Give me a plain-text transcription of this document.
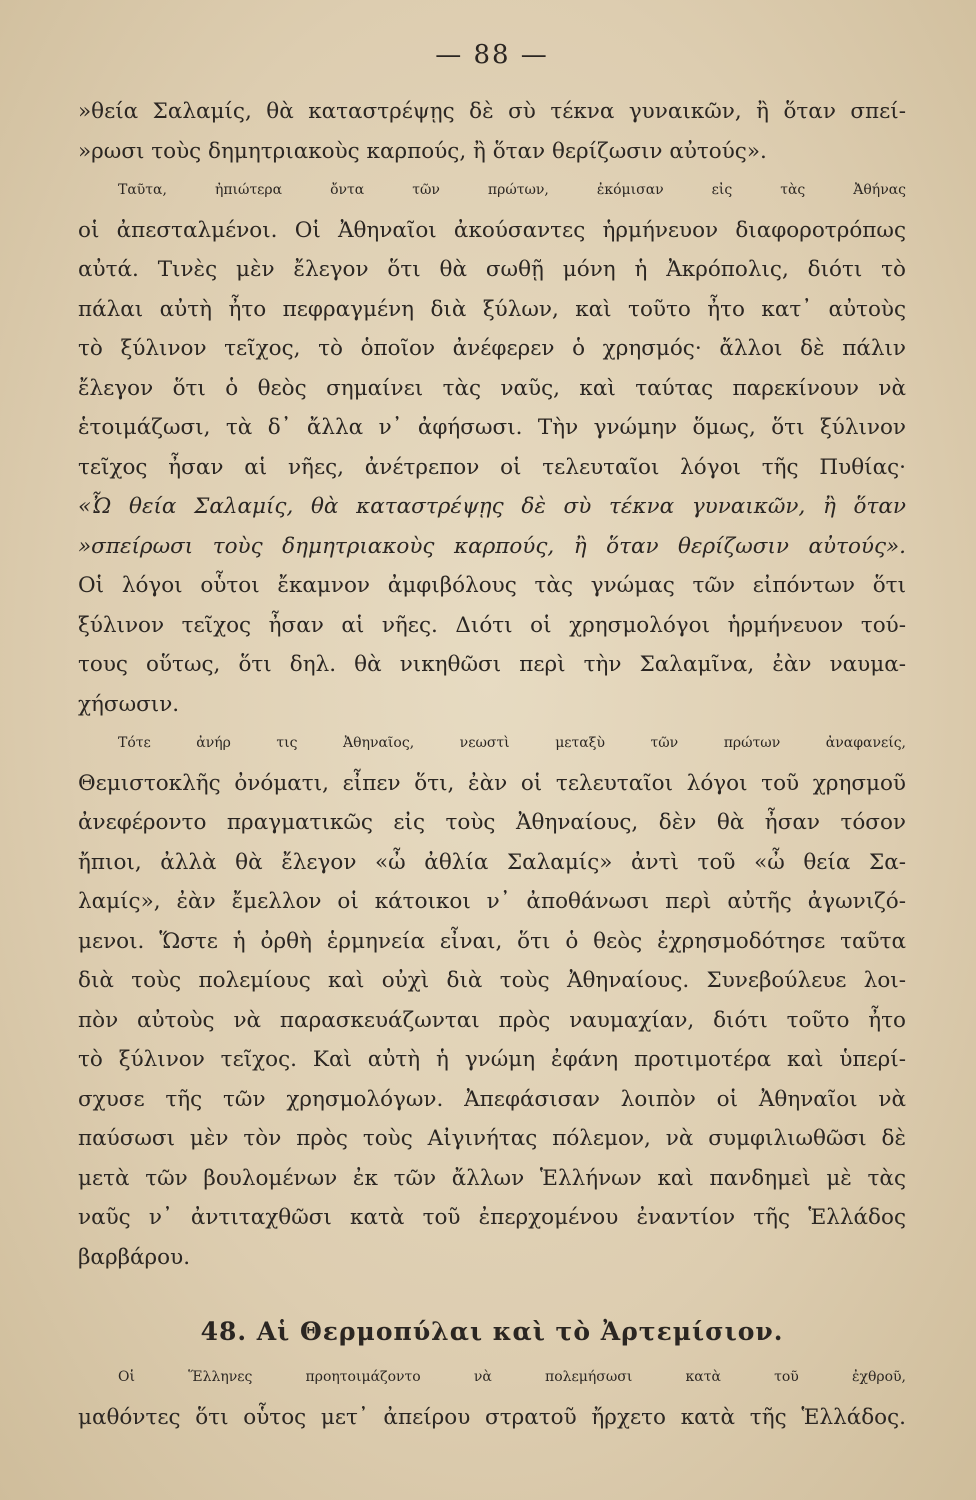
— 88 —
»θεία Σαλαμίς, θὰ καταστρέψῃς δὲ σὺ τέκνα γυναικῶν, ἢ ὅταν σπεί-
»ρωσι τοὺς δημητριακοὺς καρπούς, ἢ ὅταν θερίζωσιν αὐτούς».
Ταῦτα, ἠπιώτερα ὄντα τῶν πρώτων, ἐκόμισαν εἰς τὰς Ἀθήνας
οἱ ἀπεσταλμένοι. Οἱ Ἀθηναῖοι ἀκούσαντες ἡρμήνευον διαφοροτρόπως
αὐτά. Τινὲς μὲν ἔλεγον ὅτι θὰ σωθῇ μόνη ἡ Ἀκρόπολις, διότι τὸ
πάλαι αὐτὴ ἦτο πεφραγμένη διὰ ξύλων, καὶ τοῦτο ἦτο κατ᾽ αὐτοὺς
τὸ ξύλινον τεῖχος, τὸ ὁποῖον ἀνέφερεν ὁ χρησμός· ἄλλοι δὲ πάλιν
ἔλεγον ὅτι ὁ θεὸς σημαίνει τὰς ναῦς, καὶ ταύτας παρεκίνουν νὰ
ἑτοιμάζωσι, τὰ δ᾽ ἄλλα ν᾽ ἀφήσωσι. Τὴν γνώμην ὅμως, ὅτι ξύλινον
τεῖχος ἦσαν αἱ νῆες, ἀνέτρεπον οἱ τελευταῖοι λόγοι τῆς Πυθίας·
«Ὦ θεία Σαλαμίς, θὰ καταστρέψῃς δὲ σὺ τέκνα γυναικῶν, ἢ ὅταν
»σπείρωσι τοὺς δημητριακοὺς καρπούς, ἢ ὅταν θερίζωσιν αὐτούς».
Οἱ λόγοι οὗτοι ἔκαμνον ἀμφιβόλους τὰς γνώμας τῶν εἰπόντων ὅτι
ξύλινον τεῖχος ἦσαν αἱ νῆες. Διότι οἱ χρησμολόγοι ἡρμήνευον τού-
τους οὕτως, ὅτι δηλ. θὰ νικηθῶσι περὶ τὴν Σαλαμῖνα, ἐὰν ναυμα-
χήσωσιν.
Τότε ἀνήρ τις Ἀθηναῖος, νεωστὶ μεταξὺ τῶν πρώτων ἀναφανείς,
Θεμιστοκλῆς ὀνόματι, εἶπεν ὅτι, ἐὰν οἱ τελευταῖοι λόγοι τοῦ χρησμοῦ
ἀνεφέροντο πραγματικῶς εἰς τοὺς Ἀθηναίους, δὲν θὰ ἦσαν τόσον
ἤπιοι, ἀλλὰ θὰ ἔλεγον «ὦ ἀθλία Σαλαμίς» ἀντὶ τοῦ «ὦ θεία Σα-
λαμίς», ἐὰν ἔμελλον οἱ κάτοικοι ν᾽ ἀποθάνωσι περὶ αὐτῆς ἀγωνιζό-
μενοι. Ὥστε ἡ ὀρθὴ ἑρμηνεία εἶναι, ὅτι ὁ θεὸς ἐχρησμοδότησε ταῦτα
διὰ τοὺς πολεμίους καὶ οὐχὶ διὰ τοὺς Ἀθηναίους. Συνεβούλευε λοι-
πὸν αὐτοὺς νὰ παρασκευάζωνται πρὸς ναυμαχίαν, διότι τοῦτο ἦτο
τὸ ξύλινον τεῖχος. Καὶ αὐτὴ ἡ γνώμη ἐφάνη προτιμοτέρα καὶ ὑπερί-
σχυσε τῆς τῶν χρησμολόγων. Ἀπεφάσισαν λοιπὸν οἱ Ἀθηναῖοι νὰ
παύσωσι μὲν τὸν πρὸς τοὺς Αἰγινήτας πόλεμον, νὰ συμφιλιωθῶσι δὲ
μετὰ τῶν βουλομένων ἐκ τῶν ἄλλων Ἑλλήνων καὶ πανδημεὶ μὲ τὰς
ναῦς ν᾽ ἀντιταχθῶσι κατὰ τοῦ ἐπερχομένου ἐναντίον τῆς Ἑλλάδος
βαρβάρου.
48. Αἱ Θερμοπύλαι καὶ τὸ Ἀρτεμίσιον.
Οἱ Ἕλληνες προητοιμάζοντο νὰ πολεμήσωσι κατὰ τοῦ ἐχθροῦ,
μαθόντες ὅτι οὗτος μετ᾽ ἀπείρου στρατοῦ ἤρχετο κατὰ τῆς Ἑλλάδος.
